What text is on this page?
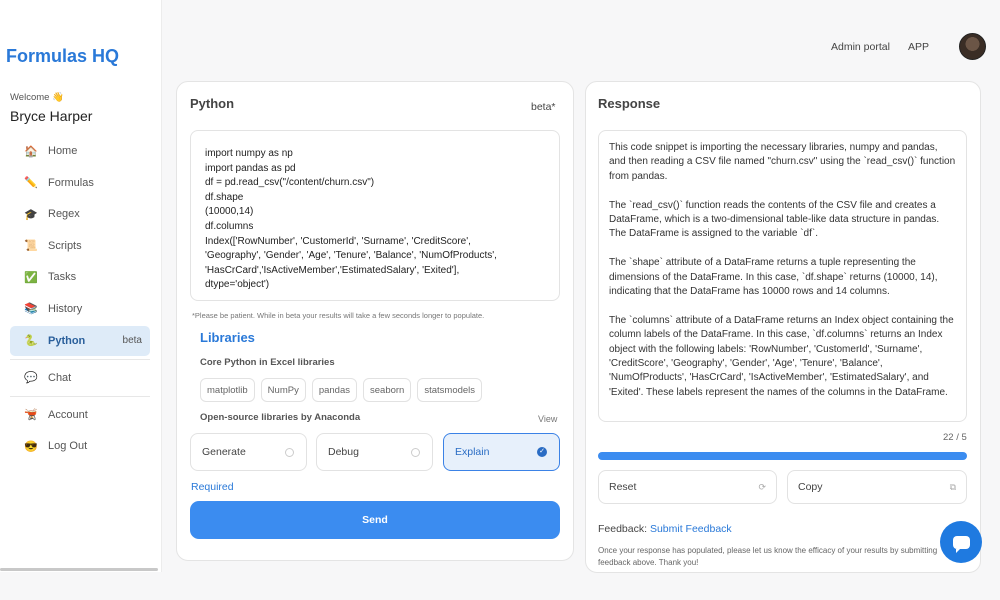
Formulas HQ
Welcome 👋
Bryce Harper
🏠 Home
✏️ Formulas
🎓 Regex
📜 Scripts
✅ Tasks
📚 History
🐍 Python	beta
💬 Chat
🫕 Account
😎 Log Out
Admin portal APP
Python	beta*
import numpy as np
import pandas as pd
df = pd.read_csv("/content/churn.csv")
df.shape
(10000,14)
df.columns
Index(['RowNumber', 'CustomerId', 'Surname', 'CreditScore',
'Geography', 'Gender', 'Age', 'Tenure', 'Balance', 'NumOfProducts',
'HasCrCard','IsActiveMember','EstimatedSalary', 'Exited'],
dtype='object')
*Please be patient. While in beta your results will take a few seconds longer to populate.
Libraries
Core Python in Excel libraries
matplotlib	NumPy	pandas	seaborn	statsmodels
Open-source libraries by Anaconda	View
Generate	Debug	Explain	✓
Required
Send
Response

This code snippet is importing the necessary libraries, numpy and pandas, and then reading a CSV file named "churn.csv" using the `read_csv()` function from pandas.

The `read_csv()` function reads the contents of the CSV file and creates a DataFrame, which is a two-dimensional table-like data structure in pandas. The DataFrame is assigned to the variable `df`.

The `shape` attribute of a DataFrame returns a tuple representing the dimensions of the DataFrame. In this case, `df.shape` returns (10000, 14), indicating that the DataFrame has 10000 rows and 14 columns.

The `columns` attribute of a DataFrame returns an Index object containing the column labels of the DataFrame. In this case, `df.columns` returns an Index object with the following labels: 'RowNumber', 'CustomerId', 'Surname', 'CreditScore', 'Geography', 'Gender', 'Age', 'Tenure', 'Balance', 'NumOfProducts', 'HasCrCard', 'IsActiveMember', 'EstimatedSalary', and 'Exited'. These labels represent the names of the columns in the DataFrame.

22 / 5
Reset	⟳	Copy	⧉
Feedback: Submit Feedback
Once your response has populated, please let us know the efficacy of your results by submitting feedback above. Thank you!
